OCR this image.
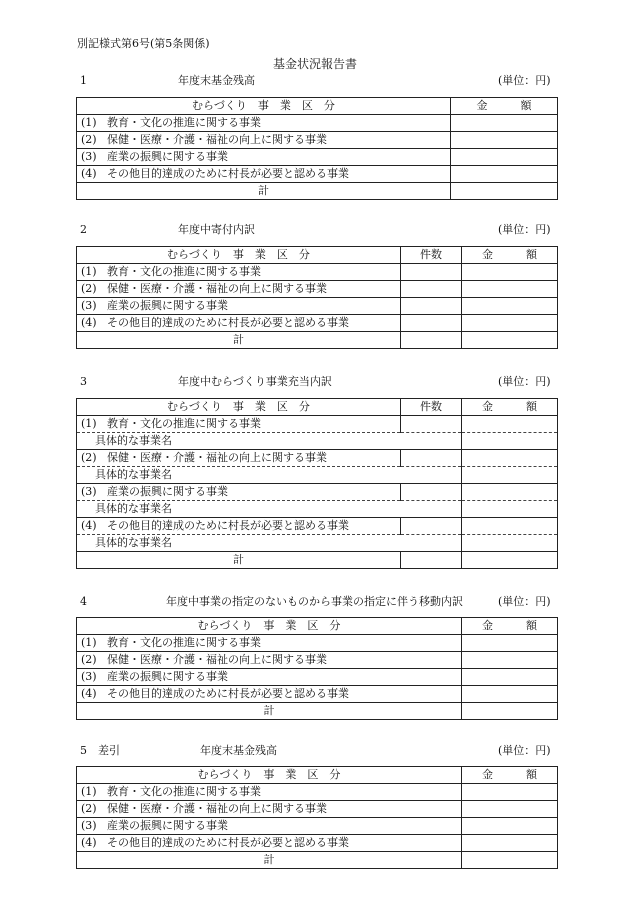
別記様式第6号(第5条関係)
基金状況報告書
1	年度末基金残高	(単位：円)
むらづくり　事　業　区　分	金　　　額
(1) 教育・文化の推進に関する事業	
(2) 保健・医療・介護・福祉の向上に関する事業	
(3) 産業の振興に関する事業	
(4) その他目的達成のために村長が必要と認める事業	
計	
2	年度中寄付内訳	(単位：円)
むらづくり　事　業　区　分	件数	金　　　額
(1) 教育・文化の推進に関する事業		
(2) 保健・医療・介護・福祉の向上に関する事業		
(3) 産業の振興に関する事業		
(4) その他目的達成のために村長が必要と認める事業		
計		
3	年度中むらづくり事業充当内訳	(単位：円)
むらづくり　事　業　区　分	件数	金　　　額
(1) 教育・文化の推進に関する事業		
具体的な事業名		
(2) 保健・医療・介護・福祉の向上に関する事業		
具体的な事業名		
(3) 産業の振興に関する事業		
具体的な事業名		
(4) その他目的達成のために村長が必要と認める事業		
具体的な事業名		
計		
4	年度中事業の指定のないものから事業の指定に伴う移動内訳	(単位：円)
むらづくり　事　業　区　分	金　　　額
(1) 教育・文化の推進に関する事業	
(2) 保健・医療・介護・福祉の向上に関する事業	
(3) 産業の振興に関する事業	
(4) その他目的達成のために村長が必要と認める事業	
計	
5　差引	年度末基金残高	(単位：円)
むらづくり　事　業　区　分	金　　　額
(1) 教育・文化の推進に関する事業	
(2) 保健・医療・介護・福祉の向上に関する事業	
(3) 産業の振興に関する事業	
(4) その他目的達成のために村長が必要と認める事業	
計	
